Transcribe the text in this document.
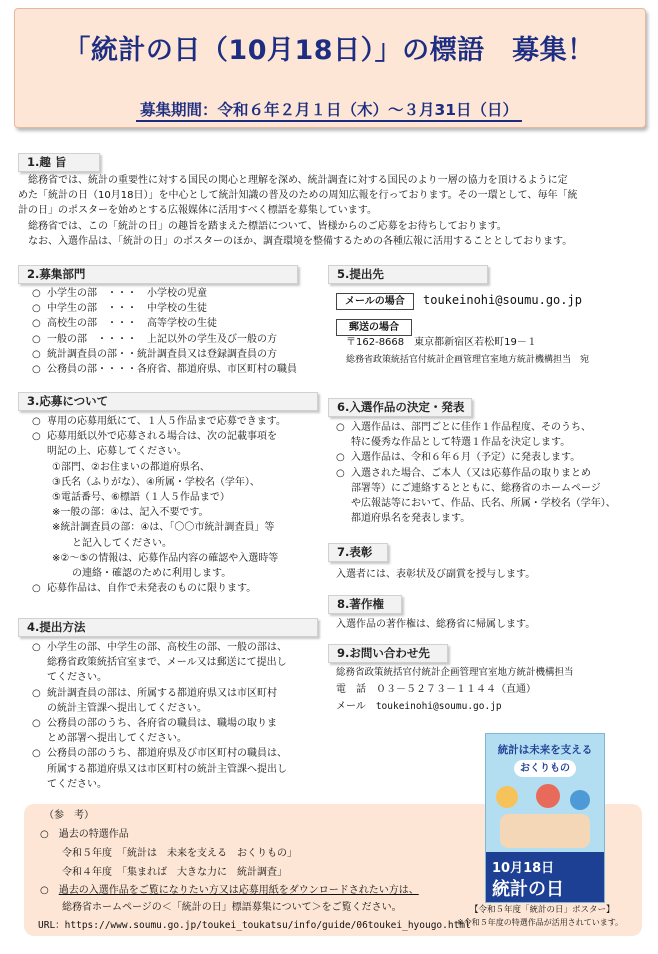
「統計の日（10月18日）」の標語　募集！
募集期間：令和６年２月１日（木）～３月31日（日）
1.趣 旨

　総務省では、統計の重要性に対する国民の関心と理解を深め、統計調査に対する国民のより一層の協力を頂けるように定

めた「統計の日（10月18日）」を中心として統計知識の普及のための周知広報を行っております。その一環として、毎年「統

計の日」のポスターを始めとする広報媒体に活用すべく標語を募集しています。

　総務省では、この「統計の日」の趣旨を踏まえた標語について、皆様からのご応募をお待ちしております。

　なお、入選作品は、「統計の日」のポスターのほか、調査環境を整備するための各種広報に活用することとしております。

2.募集部門
○ 小学生の部　・・・　小学校の児童
○ 中学生の部　・・・　中学校の生徒
○ 高校生の部　・・・　高等学校の生徒
○ 一般の部　・・・・　上記以外の学生及び一般の方
○ 統計調査員の部・・統計調査員又は登録調査員の方
○ 公務員の部・・・・各府省、都道府県、市区町村の職員
3.応募について
○ 専用の応募用紙にて、１人５作品まで応募できます。
○ 応募用紙以外で応募される場合は、次の記載事項を
明記の上、応募してください。
①部門、②お住まいの都道府県名、
③氏名（ふりがな）、④所属・学校名（学年）、
⑤電話番号、⑥標語（１人５作品まで）
※一般の部：④は、記入不要です。
※統計調査員の部：④は、「〇〇市統計調査員」等
と記入してください。
※②～⑤の情報は、応募作品内容の確認や入選時等
の連絡・確認のために利用します。
○ 応募作品は、自作で未発表のものに限ります。
4.提出方法
○ 小学生の部、中学生の部、高校生の部、一般の部は、
総務省政策統括官室まで、メール又は郵送にて提出し
てください。
○ 統計調査員の部は、所属する都道府県又は市区町村
の統計主管課へ提出してください。
○ 公務員の部のうち、各府省の職員は、職場の取りま
とめ部署へ提出してください。
○ 公務員の部のうち、都道府県及び市区町村の職員は、
所属する都道府県又は市区町村の統計主管課へ提出し
てください。
5.提出先
メールの場合 toukeinohi@soumu.go.jp
郵送の場合
〒162-8668　東京都新宿区若松町19－１
総務省政策統括官付統計企画管理官室地方統計機構担当　宛
6.入選作品の決定・発表
○ 入選作品は、部門ごとに佳作１作品程度、そのうち、
特に優秀な作品として特選１作品を決定します。
○ 入選作品は、令和６年６月（予定）に発表します。
○ 入選された場合、ご本人（又は応募作品の取りまとめ
部署等）にご連絡するとともに、総務省のホームページ
や広報誌等において、作品、氏名、所属・学校名（学年）、
都道府県名を発表します。
7.表彰
入選者には、表彰状及び副賞を授与します。
8.著作権
入選作品の著作権は、総務省に帰属します。
9.お問い合わせ先
総務省政策統括官付統計企画管理官室地方統計機構担当
電　話　 ０３－５２７３－１１４４（直通）
メール　 toukeinohi@soumu.go.jp
（参　考）
○　 過去の特選作品
令和５年度　 「統計は　未来を支える　おくりもの」
令和４年度　 「集まれば　大きな力に　統計調査」
○　 過去の入選作品をご覧になりたい方又は応募用紙をダウンロードされたい方は、
総務省ホームページの＜「統計の日」標語募集について＞をご覧ください。
URL：https://www.soumu.go.jp/toukei_toukatsu/info/guide/06toukei_hyougo.html
統計は未来を支える
おくりもの
10月18日
統計の日
【令和５年度「統計の日」ポスター】
※令和５年度の特選作品が活用されています。
